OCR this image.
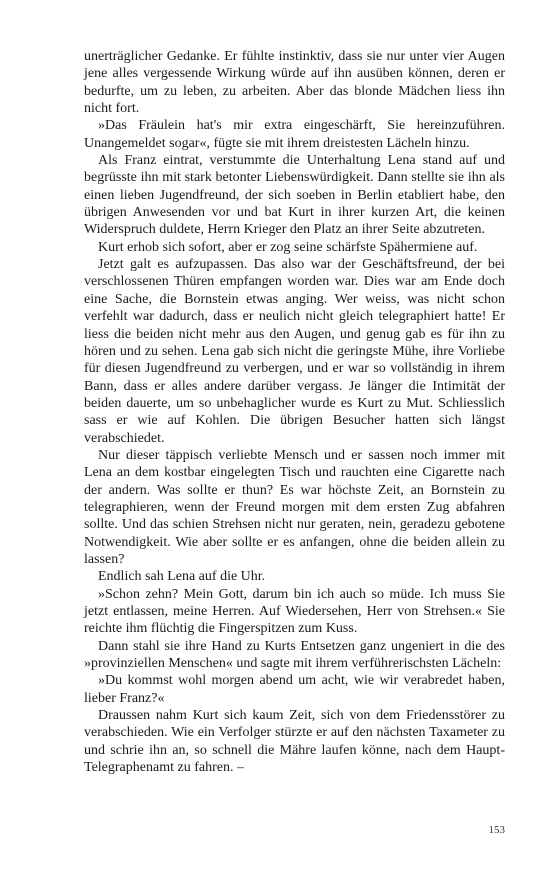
unerträglicher Gedanke. Er fühlte instinktiv, dass sie nur unter vier Augen jene alles vergessende Wirkung würde auf ihn ausüben können, deren er bedurfte, um zu leben, zu arbeiten. Aber das blonde Mädchen liess ihn nicht fort.

»Das Fräulein hat's mir extra eingeschärft, Sie hereinzuführen. Unangemeldet sogar«, fügte sie mit ihrem dreistesten Lächeln hinzu.

Als Franz eintrat, verstummte die Unterhaltung Lena stand auf und begrüsste ihn mit stark betonter Liebenswürdigkeit. Dann stellte sie ihn als einen lieben Jugendfreund, der sich soeben in Berlin etabliert habe, den übrigen Anwesenden vor und bat Kurt in ihrer kurzen Art, die keinen Widerspruch duldete, Herrn Krieger den Platz an ihrer Seite abzutreten.

Kurt erhob sich sofort, aber er zog seine schärfste Spähermiene auf.

Jetzt galt es aufzupassen. Das also war der Geschäftsfreund, der bei verschlossenen Thüren empfangen worden war. Dies war am Ende doch eine Sache, die Bornstein etwas anging. Wer weiss, was nicht schon verfehlt war dadurch, dass er neulich nicht gleich telegraphiert hatte! Er liess die beiden nicht mehr aus den Augen, und genug gab es für ihn zu hören und zu sehen. Lena gab sich nicht die geringste Mühe, ihre Vorliebe für diesen Jugendfreund zu verbergen, und er war so vollständig in ihrem Bann, dass er alles andere darüber vergass. Je länger die Intimität der beiden dauerte, um so unbehaglicher wurde es Kurt zu Mut. Schliesslich sass er wie auf Kohlen. Die übrigen Besucher hatten sich längst verabschiedet.

Nur dieser täppisch verliebte Mensch und er sassen noch immer mit Lena an dem kostbar eingelegten Tisch und rauchten eine Cigarette nach der andern. Was sollte er thun? Es war höchste Zeit, an Bornstein zu telegraphieren, wenn der Freund morgen mit dem ersten Zug abfahren sollte. Und das schien Strehsen nicht nur geraten, nein, geradezu gebotene Notwendigkeit. Wie aber sollte er es anfangen, ohne die beiden allein zu lassen?

Endlich sah Lena auf die Uhr.

»Schon zehn? Mein Gott, darum bin ich auch so müde. Ich muss Sie jetzt entlassen, meine Herren. Auf Wiedersehen, Herr von Strehsen.« Sie reichte ihm flüchtig die Fingerspitzen zum Kuss.

Dann stahl sie ihre Hand zu Kurts Entsetzen ganz ungeniert in die des »provinziellen Menschen« und sagte mit ihrem verführerischsten Lächeln:

»Du kommst wohl morgen abend um acht, wie wir verabredet haben, lieber Franz?«

Draussen nahm Kurt sich kaum Zeit, sich von dem Friedensstörer zu verabschieden. Wie ein Verfolger stürzte er auf den nächsten Taxameter zu und schrie ihn an, so schnell die Mähre laufen könne, nach dem Haupt-Telegraphenamt zu fahren. –

153
